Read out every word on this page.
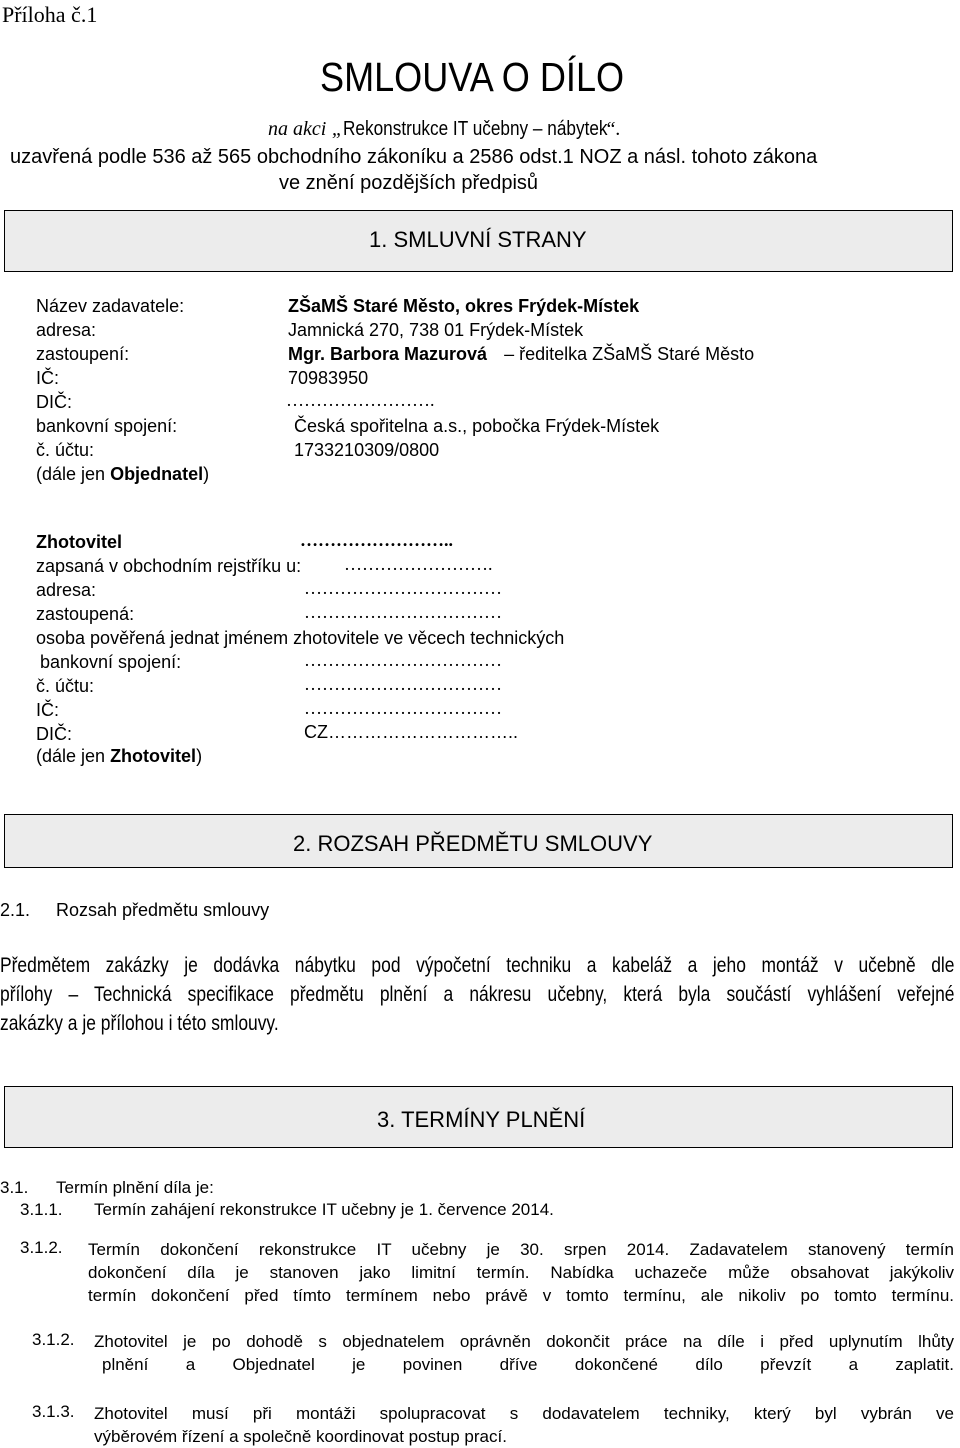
Příloha č.1
SMLOUVA O DÍLO
na akci „Rekonstrukce IT učebny – nábytek“.
uzavřená podle 536 až 565 obchodního zákoníku a 2586 odst.1 NOZ a násl. tohoto zákona
ve znění pozdějších předpisů
1. SMLUVNÍ STRANY
Název zadavatele:	ZŠaMŠ Staré Město, okres Frýdek-Místek
adresa:	Jamnická 270, 738 01 Frýdek-Místek
zastoupení:	Mgr. Barbora Mazurová – ředitelka ZŠaMŠ Staré Město
IČ:	70983950
DIČ:	…………………….
bankovní spojení:	Česká spořitelna a.s., pobočka Frýdek-Místek
č. účtu:	1733210309/0800
(dále jen Objednatel)
Zhotovitel	……………………..
zapsaná v obchodním rejstříku u: …………………….
adresa:	……………………………
zastoupená:	……………………………
osoba pověřená jednat jménem zhotovitele ve věcech technických
bankovní spojení:	……………………………
č. účtu:	……………………………
IČ:	……………………………
DIČ:	CZ…………………………..
(dále jen Zhotovitel)
2. ROZSAH PŘEDMĚTU SMLOUVY
2.1. Rozsah předmětu smlouvy
Předmětem zakázky je dodávka nábytku pod výpočetní techniku a kabeláž a jeho montáž v učebně dle
přílohy – Technická specifikace předmětu plnění a nákresu učebny, která byla součástí vyhlášení veřejné
zakázky a je přílohou i této smlouvy.
3. TERMÍNY PLNĚNÍ
3.1. Termín plnění díla je:
3.1.1. Termín zahájení rekonstrukce IT učebny je 1. července 2014.
3.1.2. Termín dokončení rekonstrukce IT učebny je 30. srpen 2014. Zadavatelem stanovený termín
dokončení díla je stanoven jako limitní termín. Nabídka uchazeče může obsahovat jakýkoliv
termín dokončení před tímto termínem nebo právě v tomto termínu, ale nikoliv po tomto termínu.
3.1.2. Zhotovitel je po dohodě s objednatelem oprávněn dokončit práce na díle i před uplynutím lhůty
plnění a Objednatel je povinen dříve dokončené dílo převzít a zaplatit.
3.1.3. Zhotovitel musí při montáži spolupracovat s dodavatelem techniky, který byl vybrán ve
výběrovém řízení a společně koordinovat postup prací.
